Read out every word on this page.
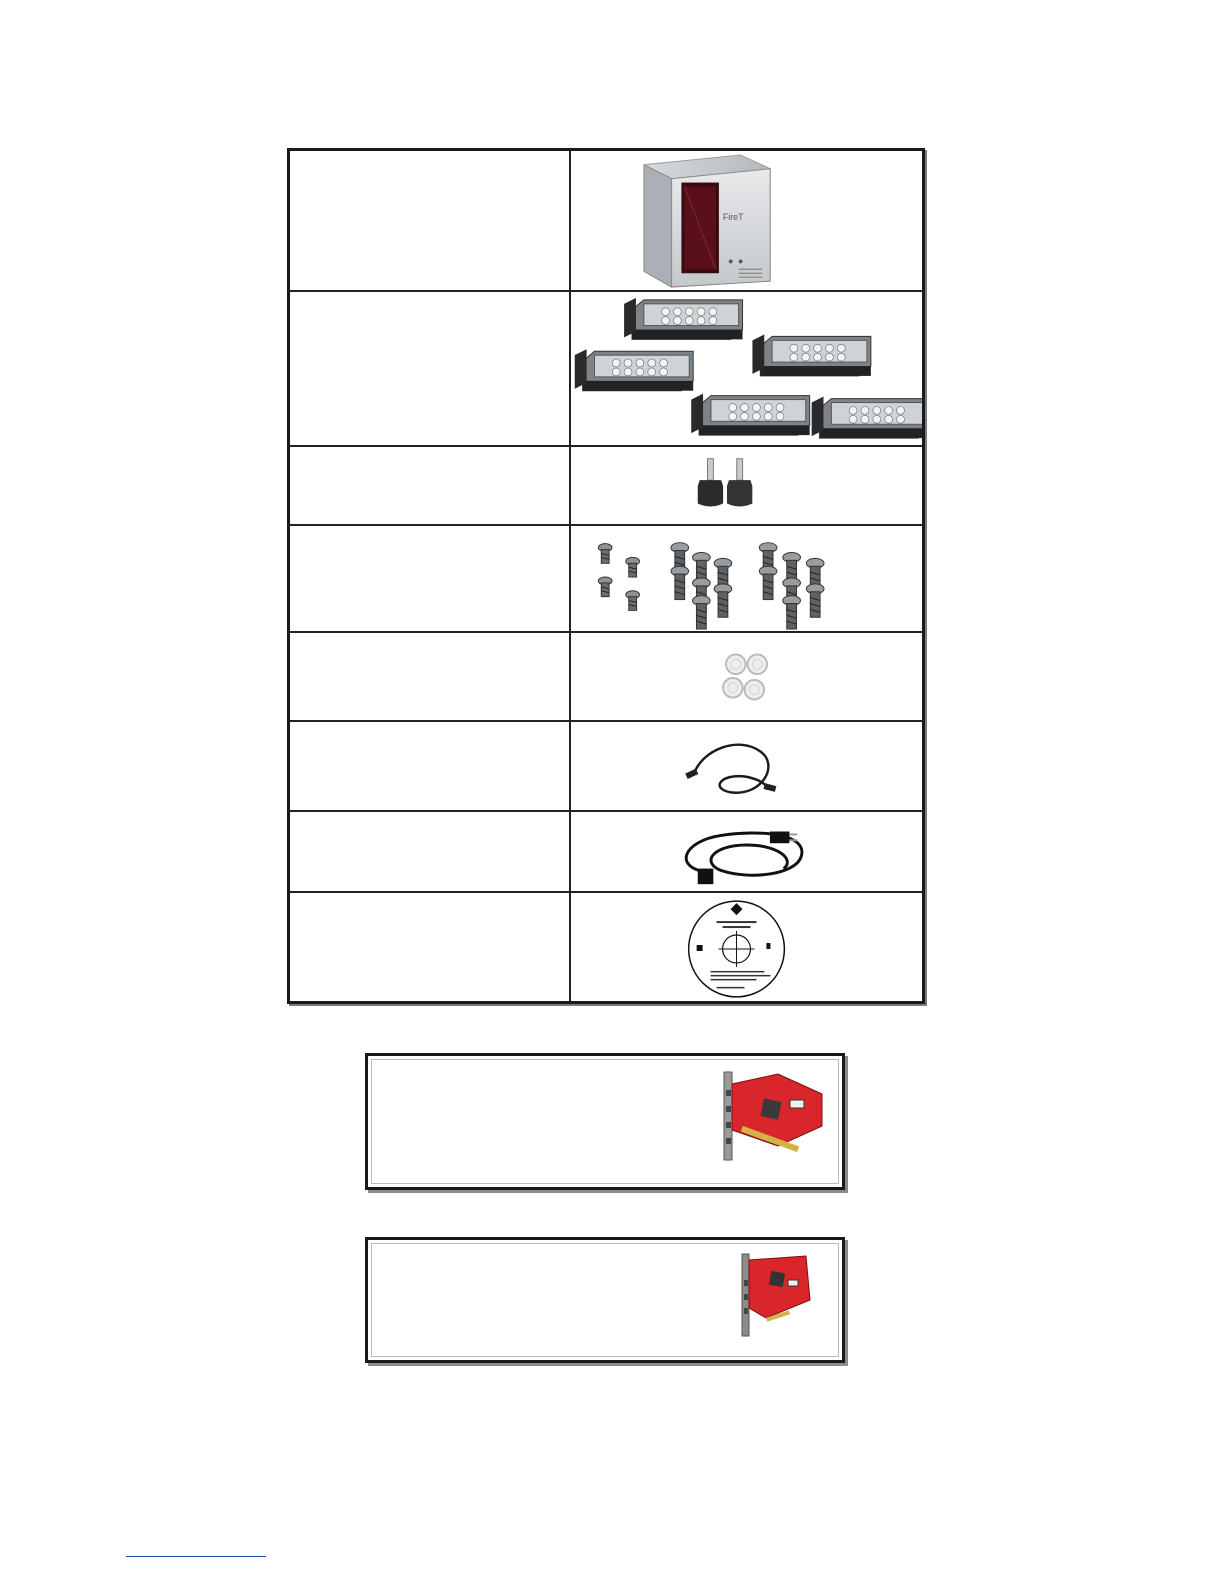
FireT
